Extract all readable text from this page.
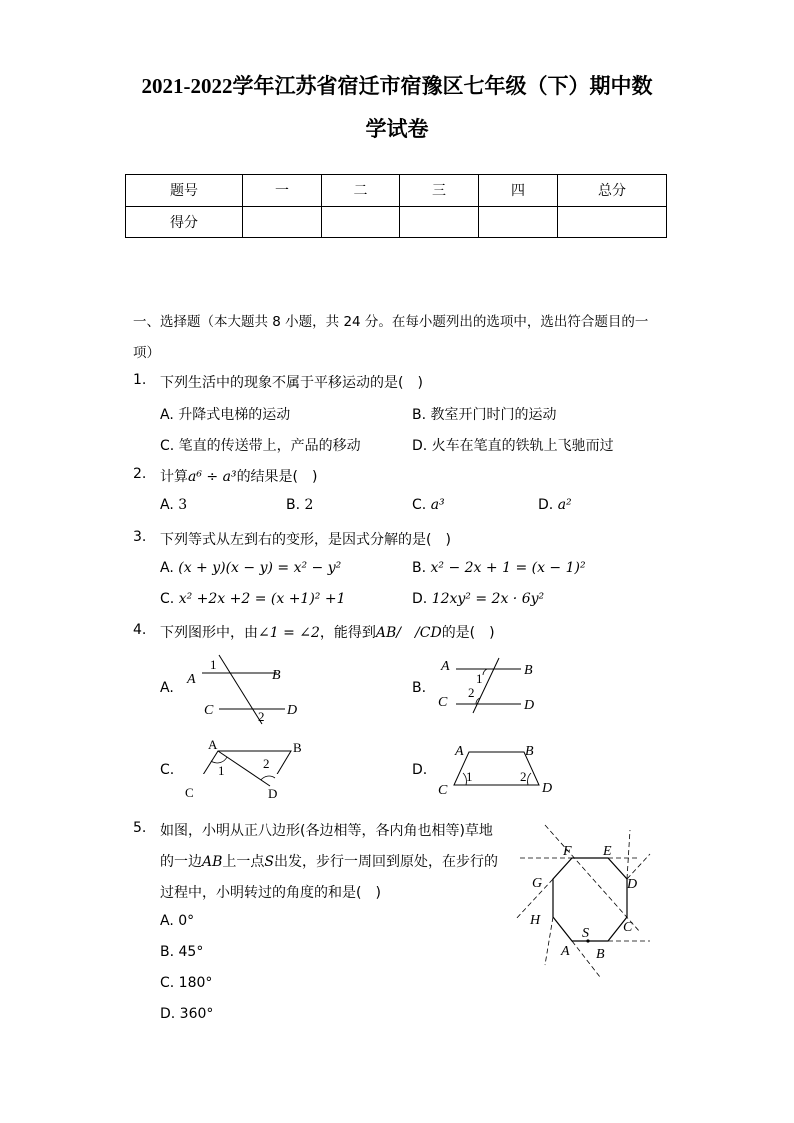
2021-2022学年江苏省宿迁市宿豫区七年级（下）期中数
学试卷
题号	一	二	三	四	总分
得分					
一、选择题（本大题共 8 小题，共 24 分。在每小题列出的选项中，选出符合题目的一
项）
1. 下列生活中的现象不属于平移运动的是(　)
A. 升降式电梯的运动	B. 教室开门时门的运动
C. 笔直的传送带上，产品的移动	D. 火车在笔直的铁轨上飞驰而过
2. 计算a⁶ ÷ a³的结果是(　)
A. 3	B. 2	C. a³	D. a²
3. 下列等式从左到右的变形，是因式分解的是(　)
A. (x + y)(x − y) = x² − y²	B. x² − 2x + 1 = (x − 1)²
C. x² +2x +2 = (x +1)² +1	D. 12xy² = 2x · 6y²
4. 下列图形中，由∠1 = ∠2，能得到AB/　/CD的是(　)
A.
A
1
B
C	2 D
B.
A
1
B
C
2
D
C.
A	B
C	D
1	2	D.
A	B
C	D
1	2
5. 如图，小明从正八边形(各边相等，各内角也相等)草地
的一边AB上一点S出发，步行一周回到原处，在步行的
过程中，小明转过的角度的和是(　)
A. 0°
B. 45°
C. 180°
D. 360°
F E
D
C
B
A
H
G
S
